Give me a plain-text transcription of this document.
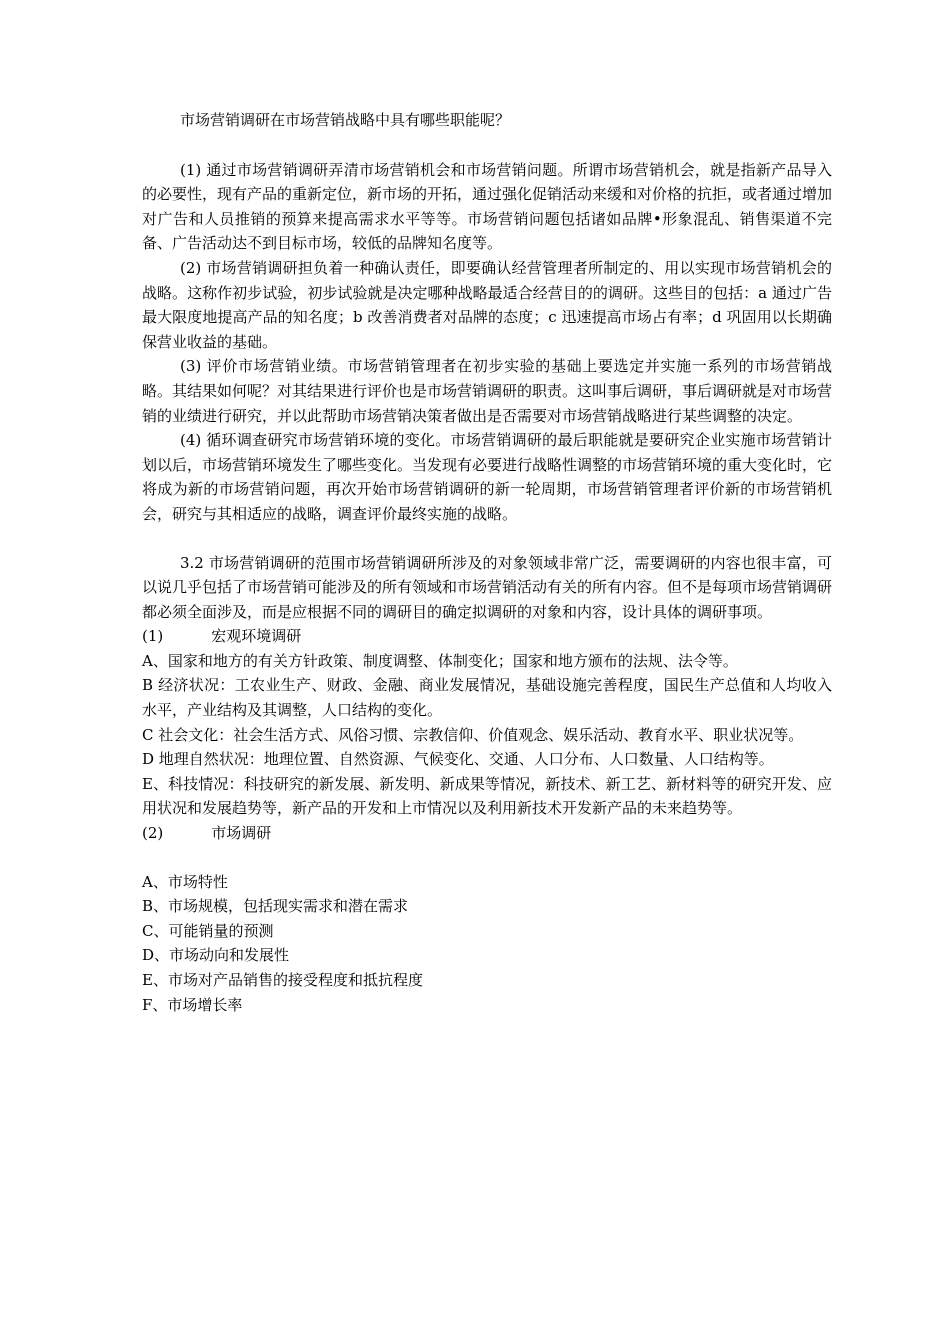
市场营销调研在市场营销战略中具有哪些职能呢？

(1) 通过市场营销调研弄清市场营销机会和市场营销问题。所谓市场营销机会，就是指新产品导入的必要性，现有产品的重新定位，新市场的开拓，通过强化促销活动来缓和对价格的抗拒，或者通过增加对广告和人员推销的预算来提高需求水平等等。市场营销问题包括诸如品牌•形象混乱、销售渠道不完备、广告活动达不到目标市场，较低的品牌知名度等。

(2) 市场营销调研担负着一种确认责任，即要确认经营管理者所制定的、用以实现市场营销机会的战略。这称作初步试验，初步试验就是决定哪种战略最适合经营目的的调研。这些目的包括：a 通过广告最大限度地提高产品的知名度；b 改善消费者对品牌的态度；c 迅速提高市场占有率；d 巩固用以长期确保营业收益的基础。

(3) 评价市场营销业绩。市场营销管理者在初步实验的基础上要选定并实施一系列的市场营销战略。其结果如何呢？对其结果进行评价也是市场营销调研的职责。这叫事后调研，事后调研就是对市场营销的业绩进行研究，并以此帮助市场营销决策者做出是否需要对市场营销战略进行某些调整的决定。

(4) 循环调查研究市场营销环境的变化。市场营销调研的最后职能就是要研究企业实施市场营销计划以后，市场营销环境发生了哪些变化。当发现有必要进行战略性调整的市场营销环境的重大变化时，它将成为新的市场营销问题，再次开始市场营销调研的新一轮周期，市场营销管理者评价新的市场营销机会，研究与其相适应的战略，调查评价最终实施的战略。

3.2 市场营销调研的范围市场营销调研所涉及的对象领域非常广泛，需要调研的内容也很丰富，可以说几乎包括了市场营销可能涉及的所有领域和市场营销活动有关的所有内容。但不是每项市场营销调研都必须全面涉及，而是应根据不同的调研目的确定拟调研的对象和内容，设计具体的调研事项。

(1)	宏观环境调研

A、国家和地方的有关方针政策、制度调整、体制变化；国家和地方颁布的法规、法令等。

B 经济状况：工农业生产、财政、金融、商业发展情况，基础设施完善程度，国民生产总值和人均收入水平，产业结构及其调整，人口结构的变化。

C 社会文化：社会生活方式、风俗习惯、宗教信仰、价值观念、娱乐活动、教育水平、职业状况等。

D 地理自然状况：地理位置、自然资源、气候变化、交通、人口分布、人口数量、人口结构等。

E、科技情况：科技研究的新发展、新发明、新成果等情况，新技术、新工艺、新材料等的研究开发、应用状况和发展趋势等，新产品的开发和上市情况以及利用新技术开发新产品的未来趋势等。

(2)	市场调研

A、市场特性

B、市场规模，包括现实需求和潜在需求

C、可能销量的预测

D、市场动向和发展性

E、市场对产品销售的接受程度和抵抗程度

F、市场增长率
